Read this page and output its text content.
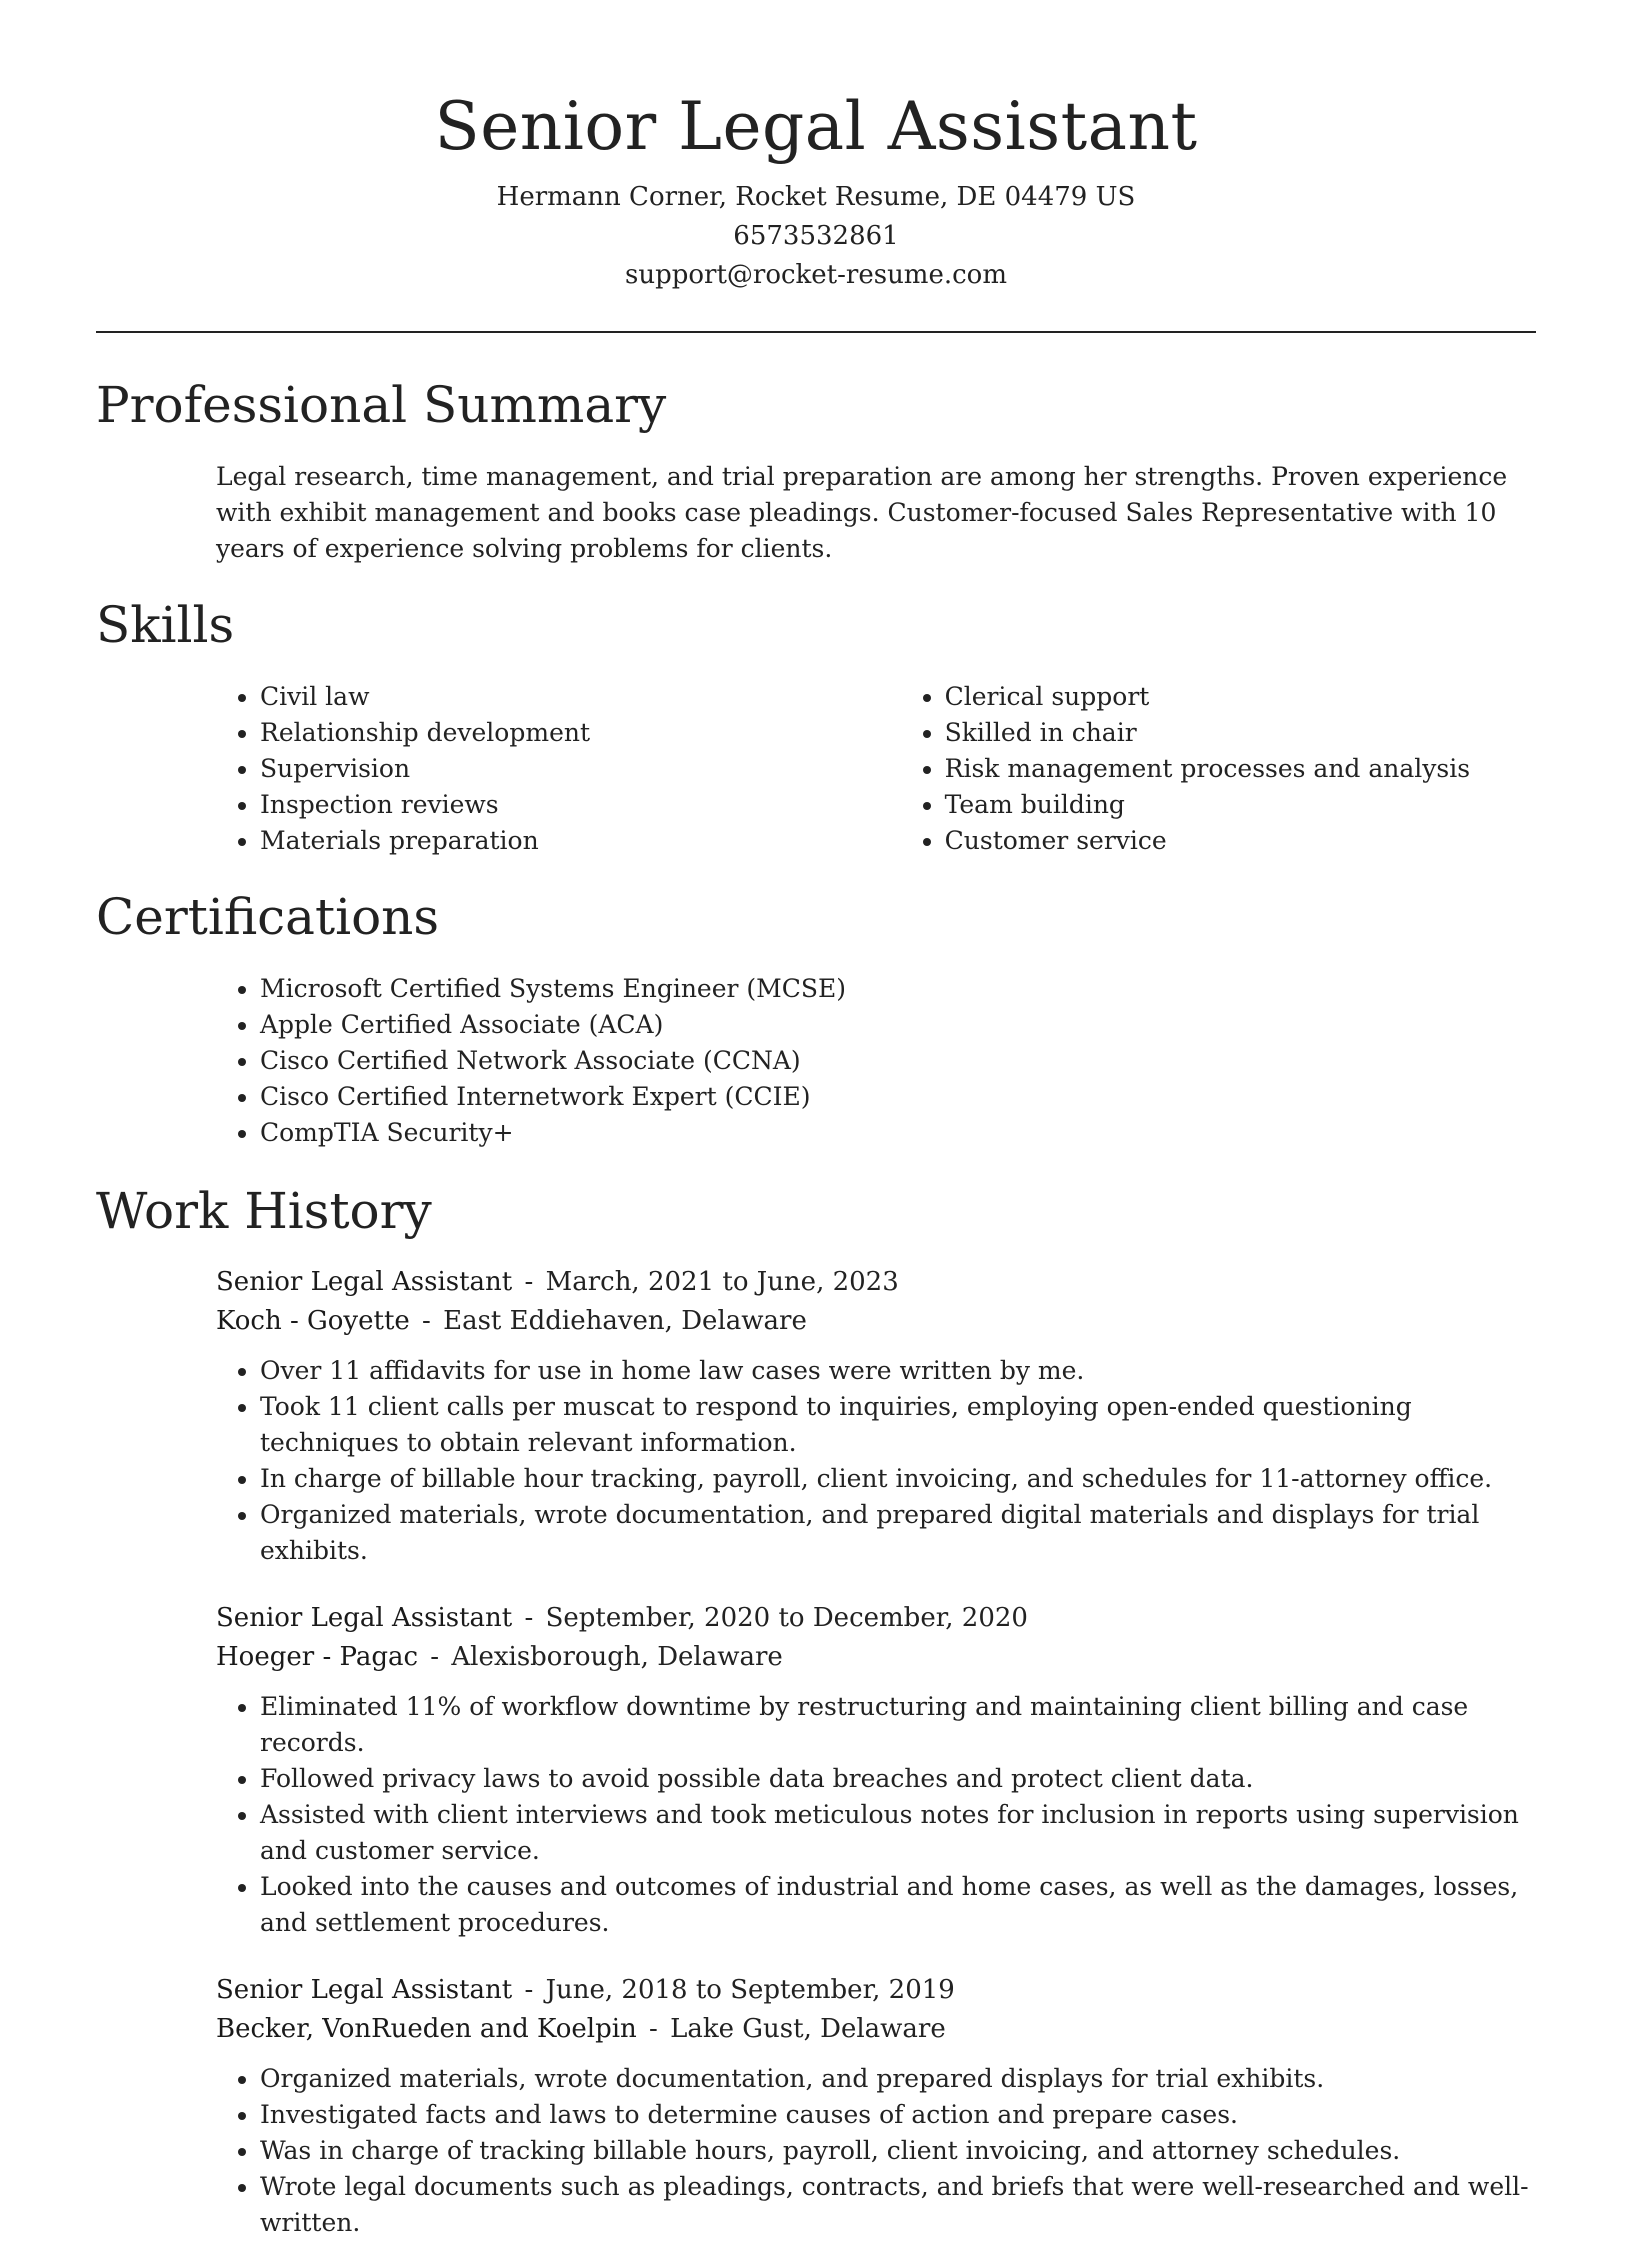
Senior Legal Assistant
Hermann Corner, Rocket Resume, DE 04479 US
6573532861
support@rocket-resume.com
Professional Summary

Legal research, time management, and trial preparation are among her strengths. Proven experience with exhibit management and books case pleadings. Customer-focused Sales Representative with 10 years of experience solving problems for clients.

Skills
• Civil law
• Relationship development
• Supervision
• Inspection reviews
• Materials preparation
• Clerical support
• Skilled in chair
• Risk management processes and analysis
• Team building
• Customer service
Certifications
• Microsoft Certified Systems Engineer (MCSE)
• Apple Certified Associate (ACA)
• Cisco Certified Network Associate (CCNA)
• Cisco Certified Internetwork Expert (CCIE)
• CompTIA Security+
Work History
Senior Legal Assistant - March, 2021 to June, 2023
Koch - Goyette - East Eddiehaven, Delaware
• Over 11 affidavits for use in home law cases were written by me.
• Took 11 client calls per muscat to respond to inquiries, employing open-ended questioning techniques to obtain relevant information.
• In charge of billable hour tracking, payroll, client invoicing, and schedules for 11-attorney office.
• Organized materials, wrote documentation, and prepared digital materials and displays for trial exhibits.
Senior Legal Assistant - September, 2020 to December, 2020
Hoeger - Pagac - Alexisborough, Delaware
• Eliminated 11% of workflow downtime by restructuring and maintaining client billing and case records.
• Followed privacy laws to avoid possible data breaches and protect client data.
• Assisted with client interviews and took meticulous notes for inclusion in reports using supervision and customer service.
• Looked into the causes and outcomes of industrial and home cases, as well as the damages, losses, and settlement procedures.
Senior Legal Assistant - June, 2018 to September, 2019
Becker, VonRueden and Koelpin - Lake Gust, Delaware
• Organized materials, wrote documentation, and prepared displays for trial exhibits.
• Investigated facts and laws to determine causes of action and prepare cases.
• Was in charge of tracking billable hours, payroll, client invoicing, and attorney schedules.
• Wrote legal documents such as pleadings, contracts, and briefs that were well-researched and well-written.
